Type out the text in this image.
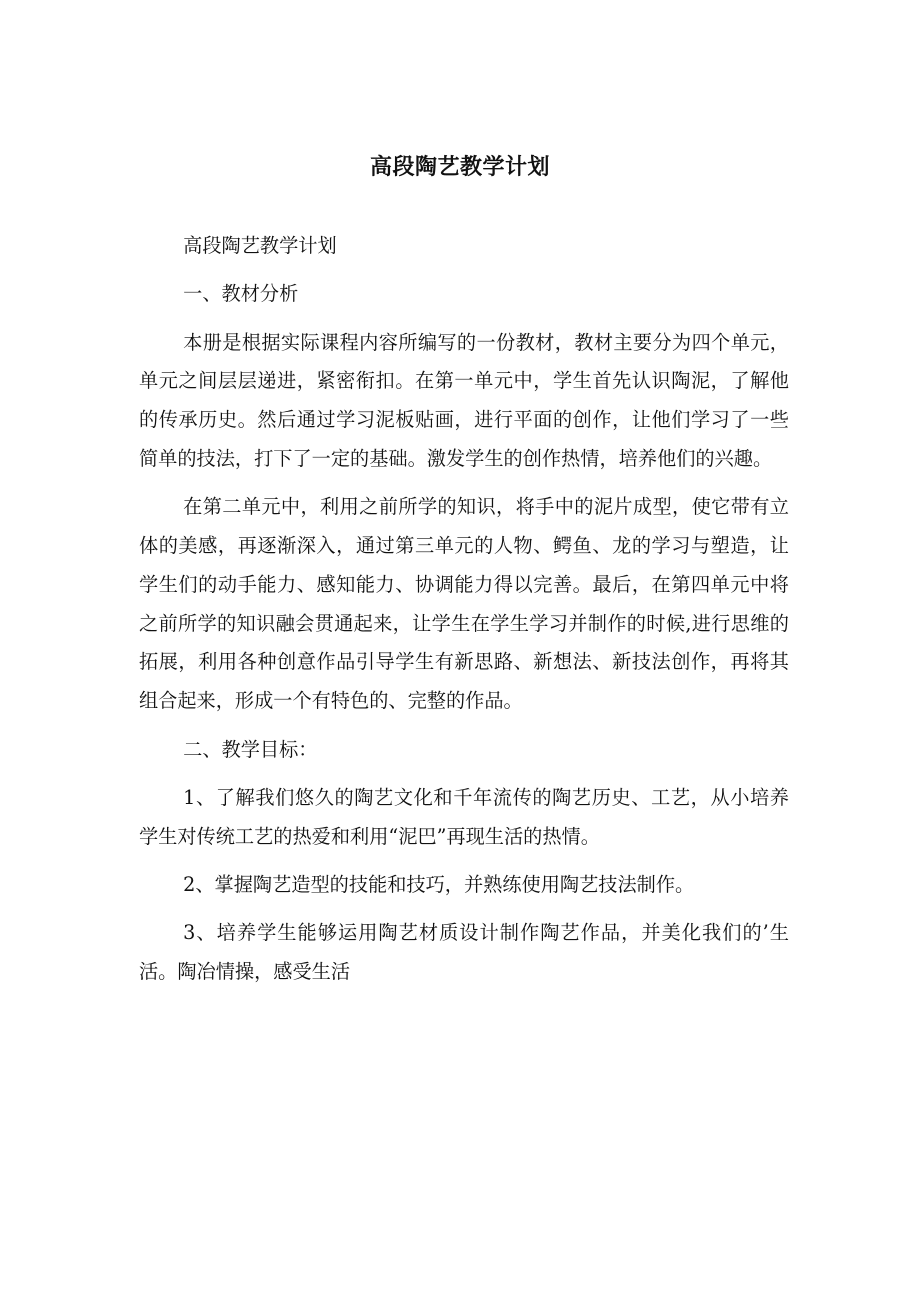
高段陶艺教学计划

高段陶艺教学计划

一、教材分析

本册是根据实际课程内容所编写的一份教材，教材主要分为四个单元，单元之间层层递进，紧密衔扣。在第一单元中，学生首先认识陶泥，了解他的传承历史。然后通过学习泥板贴画，进行平面的创作，让他们学习了一些简单的技法，打下了一定的基础。激发学生的创作热情，培养他们的兴趣。

在第二单元中，利用之前所学的知识，将手中的泥片成型，使它带有立体的美感，再逐渐深入，通过第三单元的人物、鳄鱼、龙的学习与塑造，让学生们的动手能力、感知能力、协调能力得以完善。最后，在第四单元中将之前所学的知识融会贯通起来，让学生在学生学习并制作的时候,进行思维的拓展，利用各种创意作品引导学生有新思路、新想法、新技法创作，再将其组合起来，形成一个有特色的、完整的作品。

二、教学目标：

1、了解我们悠久的陶艺文化和千年流传的陶艺历史、工艺，从小培养学生对传统工艺的热爱和利用“泥巴”再现生活的热情。

2、掌握陶艺造型的技能和技巧，并熟练使用陶艺技法制作。

3、培养学生能够运用陶艺材质设计制作陶艺作品，并美化我们的’生活。陶冶情操，感受生活
